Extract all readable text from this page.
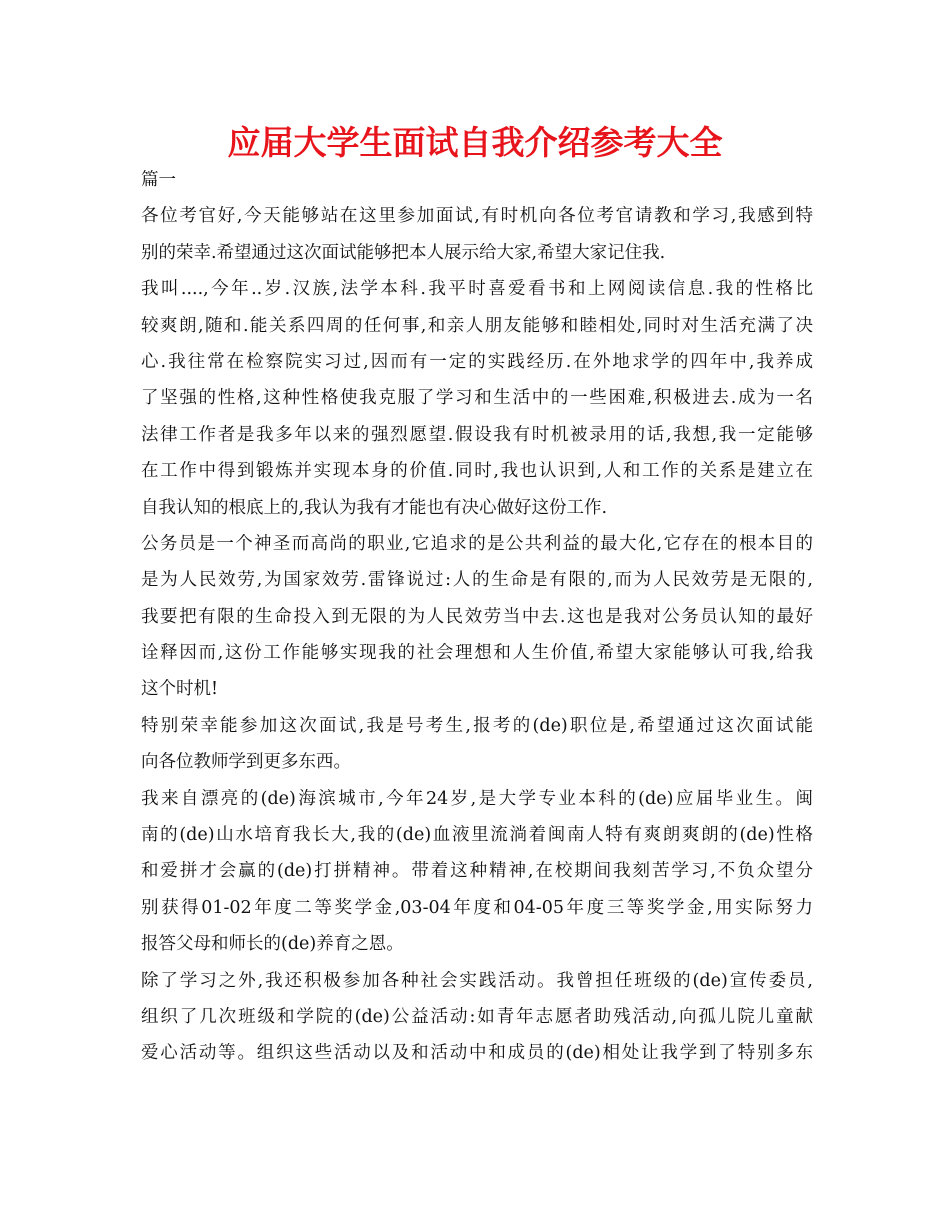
应届大学生面试自我介绍参考大全
篇一
各位考官好,今天能够站在这里参加面试,有时机向各位考官请教和学习,我感到特
别的荣幸.希望通过这次面试能够把本人展示给大家,希望大家记住我.
我叫....,今年..岁.汉族,法学本科.我平时喜爱看书和上网阅读信息.我的性格比
较爽朗,随和.能关系四周的任何事,和亲人朋友能够和睦相处,同时对生活充满了决
心.我往常在检察院实习过,因而有一定的实践经历.在外地求学的四年中,我养成
了坚强的性格,这种性格使我克服了学习和生活中的一些困难,积极进去.成为一名
法律工作者是我多年以来的强烈愿望.假设我有时机被录用的话,我想,我一定能够
在工作中得到锻炼并实现本身的价值.同时,我也认识到,人和工作的关系是建立在
自我认知的根底上的,我认为我有才能也有决心做好这份工作.
公务员是一个神圣而高尚的职业,它追求的是公共利益的最大化,它存在的根本目的
是为人民效劳,为国家效劳.雷锋说过:人的生命是有限的,而为人民效劳是无限的,
我要把有限的生命投入到无限的为人民效劳当中去.这也是我对公务员认知的最好
诠释因而,这份工作能够实现我的社会理想和人生价值,希望大家能够认可我,给我
这个时机!
特别荣幸能参加这次面试,我是号考生,报考的(de)职位是,希望通过这次面试能
向各位教师学到更多东西。
我来自漂亮的(de)海滨城市,今年24岁,是大学专业本科的(de)应届毕业生。闽
南的(de)山水培育我长大,我的(de)血液里流淌着闽南人特有爽朗爽朗的(de)性格
和爱拼才会赢的(de)打拼精神。带着这种精神,在校期间我刻苦学习,不负众望分
别获得01-02年度二等奖学金,03-04年度和04-05年度三等奖学金,用实际努力
报答父母和师长的(de)养育之恩。
除了学习之外,我还积极参加各种社会实践活动。我曾担任班级的(de)宣传委员,
组织了几次班级和学院的(de)公益活动:如青年志愿者助残活动,向孤儿院儿童献
爱心活动等。组织这些活动以及和活动中和成员的(de)相处让我学到了特别多东
